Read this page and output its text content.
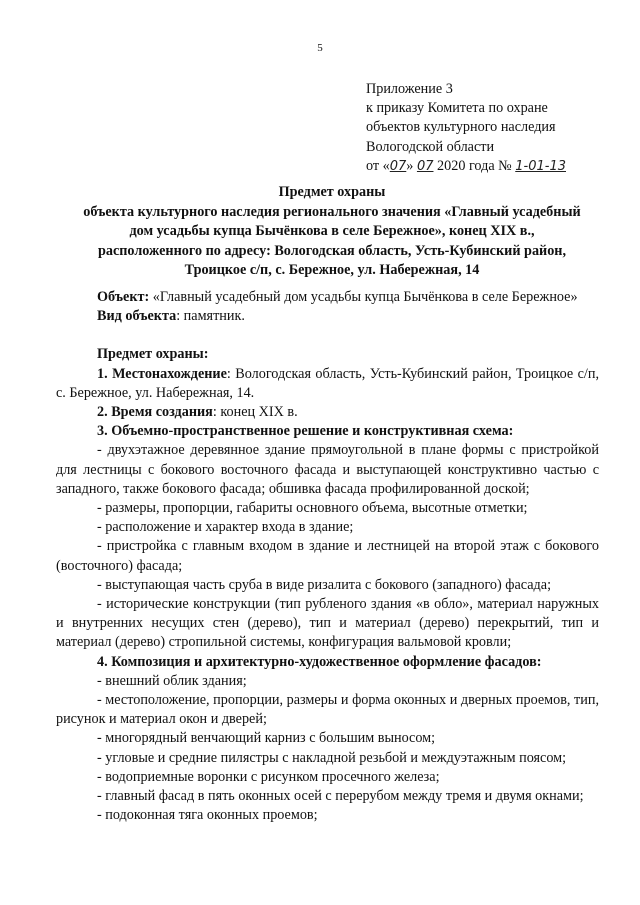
5
Приложение 3
к приказу Комитета по охране
объектов культурного наследия
Вологодской области
от «07» 07 2020 года № 1-01-13
Предмет охраны
объекта культурного наследия регионального значения «Главный усадебный
дом усадьбы купца Бычёнкова в селе Бережное», конец XIX в.,
расположенного по адресу: Вологодская область, Усть-Кубинский район,
Троицкое с/п, с. Бережное, ул. Набережная, 14
Объект: «Главный усадебный дом усадьбы купца Бычёнкова в селе Бережное»
Вид объекта: памятник.
Предмет охраны:
1. Местонахождение: Вологодская область, Усть-Кубинский район, Троицкое с/п, с. Бережное, ул. Набережная, 14.
2. Время создания: конец XIX в.
3. Объемно-пространственное решение и конструктивная схема:
- двухэтажное деревянное здание прямоугольной в плане формы с пристройкой для лестницы с бокового восточного фасада и выступающей конструктивно частью с западного, также бокового фасада; обшивка фасада профилированной доской;
- размеры, пропорции, габариты основного объема, высотные отметки;
- расположение и характер входа в здание;
- пристройка с главным входом в здание и лестницей на второй этаж с бокового (восточного) фасада;
- выступающая часть сруба в виде ризалита с бокового (западного) фасада;
- исторические конструкции (тип рубленого здания «в обло», материал наружных и внутренних несущих стен (дерево), тип и материал (дерево) перекрытий, тип и материал (дерево) стропильной системы, конфигурация вальмовой кровли;
4. Композиция и архитектурно-художественное оформление фасадов:
- внешний облик здания;
- местоположение, пропорции, размеры и форма оконных и дверных проемов, тип, рисунок и материал окон и дверей;
- многорядный венчающий карниз с большим выносом;
- угловые и средние пилястры с накладной резьбой и междуэтажным поясом;
- водоприемные воронки с рисунком просечного железа;
- главный фасад в пять оконных осей с перерубом между тремя и двумя окнами;
- подоконная тяга оконных проемов;
